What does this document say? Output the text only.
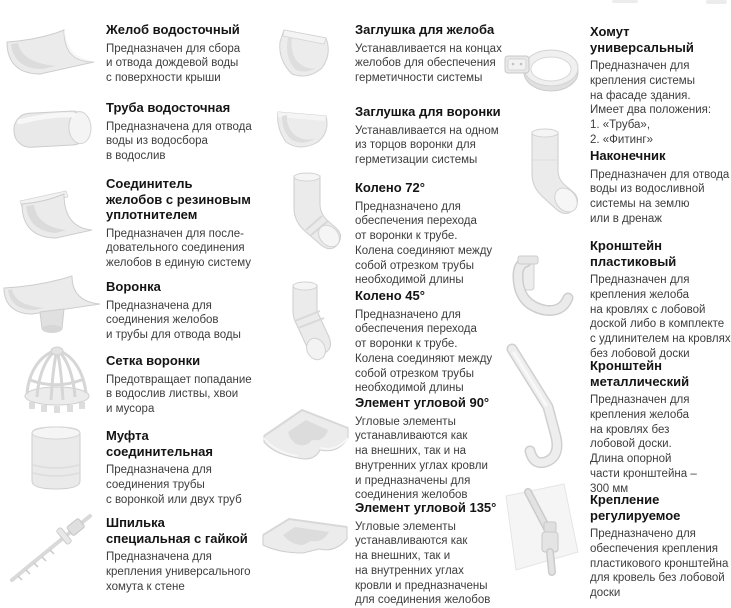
Желоб водосточный

Предназначен для сбора
и отвода дождевой воды
с поверхности крыши

Труба водосточная

Предназначена для отвода
воды из водосбора
в водослив

Соединитель
желобов с резиновым
уплотнителем

Предназначен для после-
довательного соединения
желобов в единую систему

Воронка

Предназначена для
соединения желобов
и трубы для отвода воды

Сетка воронки

Предотвращает попадание
в водослив листвы, хвои
и мусора

Муфта
соединительная

Предназначена для
соединения трубы
с воронкой или двух труб

Шпилька
специальная с гайкой

Предназначена для
крепления универсального
хомута к стене

Заглушка для желоба

Устанавливается на концах
желобов для обеспечения
герметичности системы

Заглушка для воронки

Устанавливается на одном
из торцов воронки для
герметизации системы

Колено 72°

Предназначено для
обеспечения перехода
от воронки к трубе.
Колена соединяют между
собой отрезком трубы
необходимой длины

Колено 45°

Предназначено для
обеспечения перехода
от воронки к трубе.
Колена соединяют между
собой отрезком трубы
необходимой длины

Элемент угловой 90°

Угловые элементы
устанавливаются как
на внешних, так и на
внутренних углах кровли
и предназначены для
соединения желобов

Элемент угловой 135°

Угловые элементы
устанавливаются как
на внешних, так и
на внутренних углах
кровли и предназначены
для соединения желобов

Хомут
универсальный

Предназначен для
крепления системы
на фасаде здания.
Имеет два положения:
1. «Труба»,
2. «Фитинг»

Наконечник

Предназначен для отвода
воды из водосливной
системы на землю
или в дренаж

Кронштейн
пластиковый

Предназначен для
крепления желоба
на кровлях с лобовой
доской либо в комплекте
с удлинителем на кровлях
без лобовой доски

Кронштейн
металлический

Предназначен для
крепления желоба
на кровлях без
лобовой доски.
Длина опорной
части кронштейна –
300 мм

Крепление
регулируемое

Предназначено для
обеспечения крепления
пластикового кронштейна
для кровель без лобовой
доски
